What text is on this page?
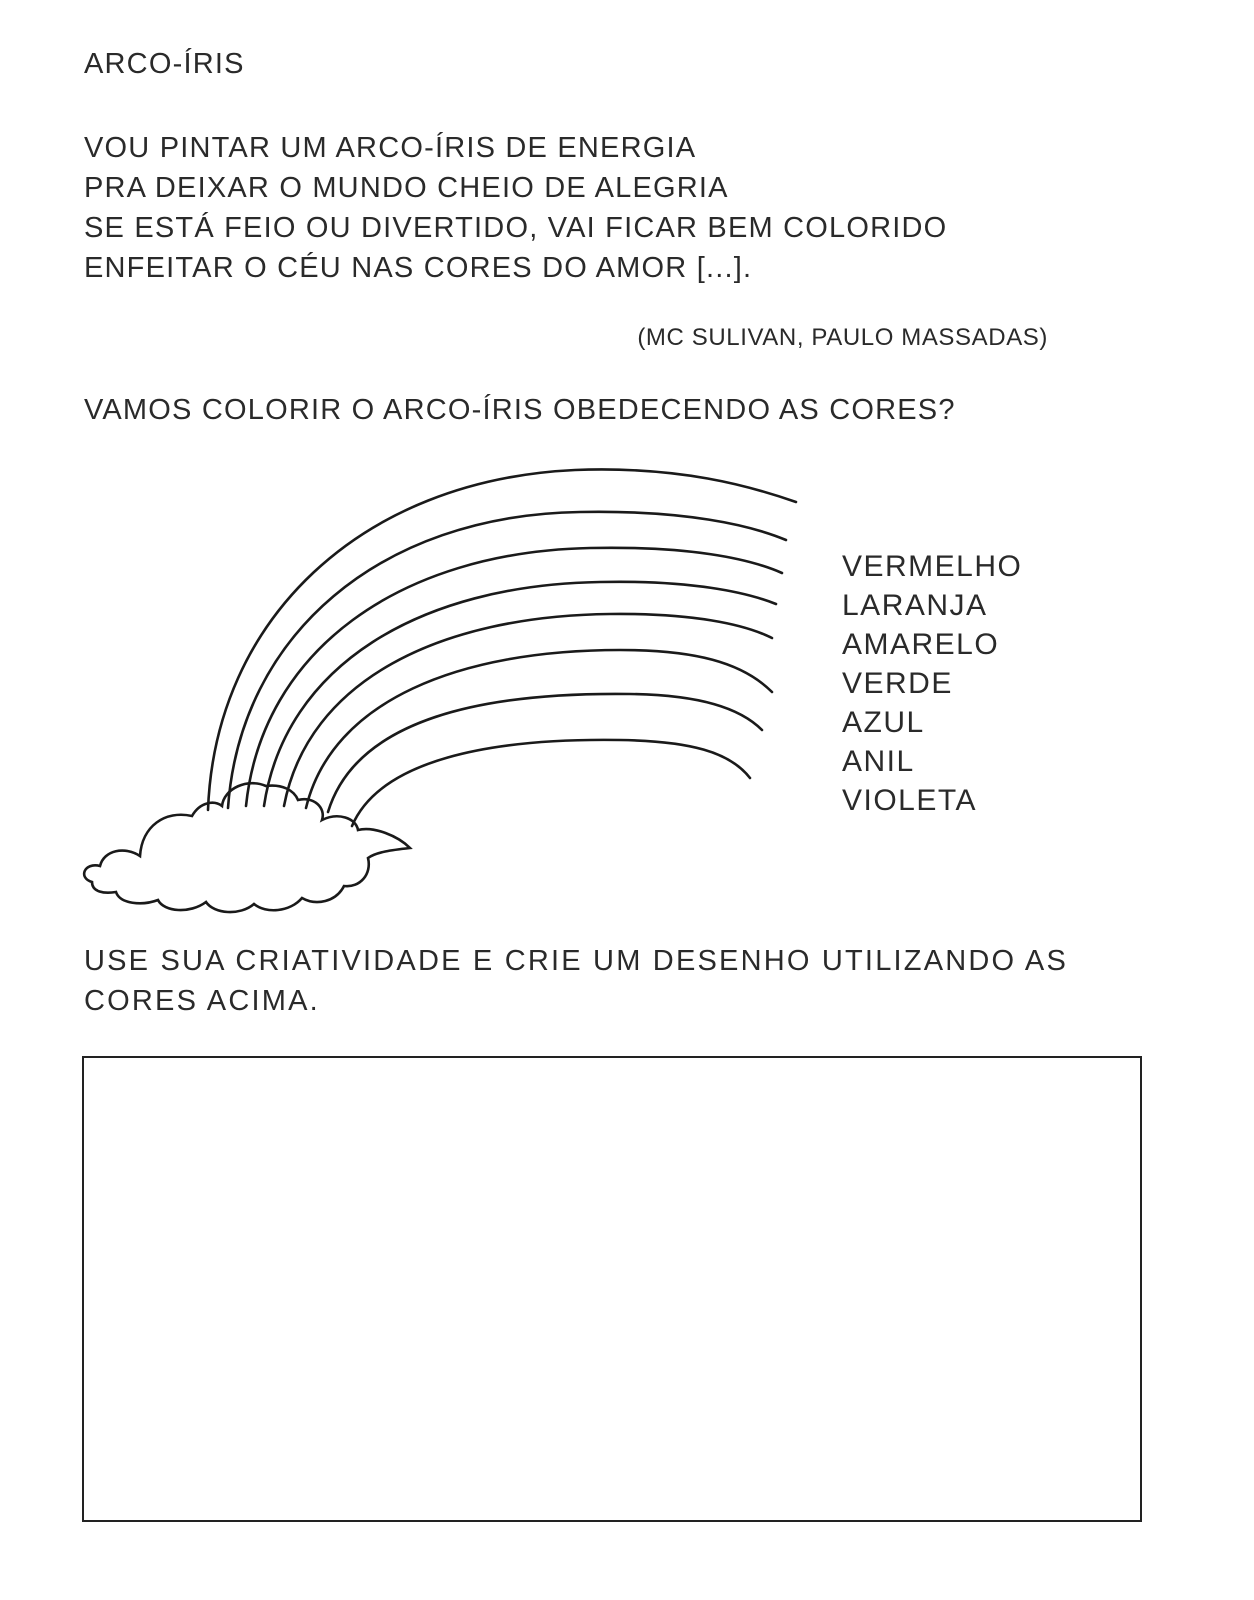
ARCO-ÍRIS
VOU PINTAR UM ARCO-ÍRIS DE ENERGIA
PRA DEIXAR O MUNDO CHEIO DE ALEGRIA
SE ESTÁ FEIO OU DIVERTIDO, VAI FICAR BEM COLORIDO
ENFEITAR O CÉU NAS CORES DO AMOR [...].
(MC SULIVAN, PAULO MASSADAS)
VAMOS COLORIR O ARCO-ÍRIS OBEDECENDO AS CORES?
VERMELHO
LARANJA
AMARELO
VERDE
AZUL
ANIL
VIOLETA
USE SUA CRIATIVIDADE E CRIE UM DESENHO UTILIZANDO AS CORES ACIMA.
